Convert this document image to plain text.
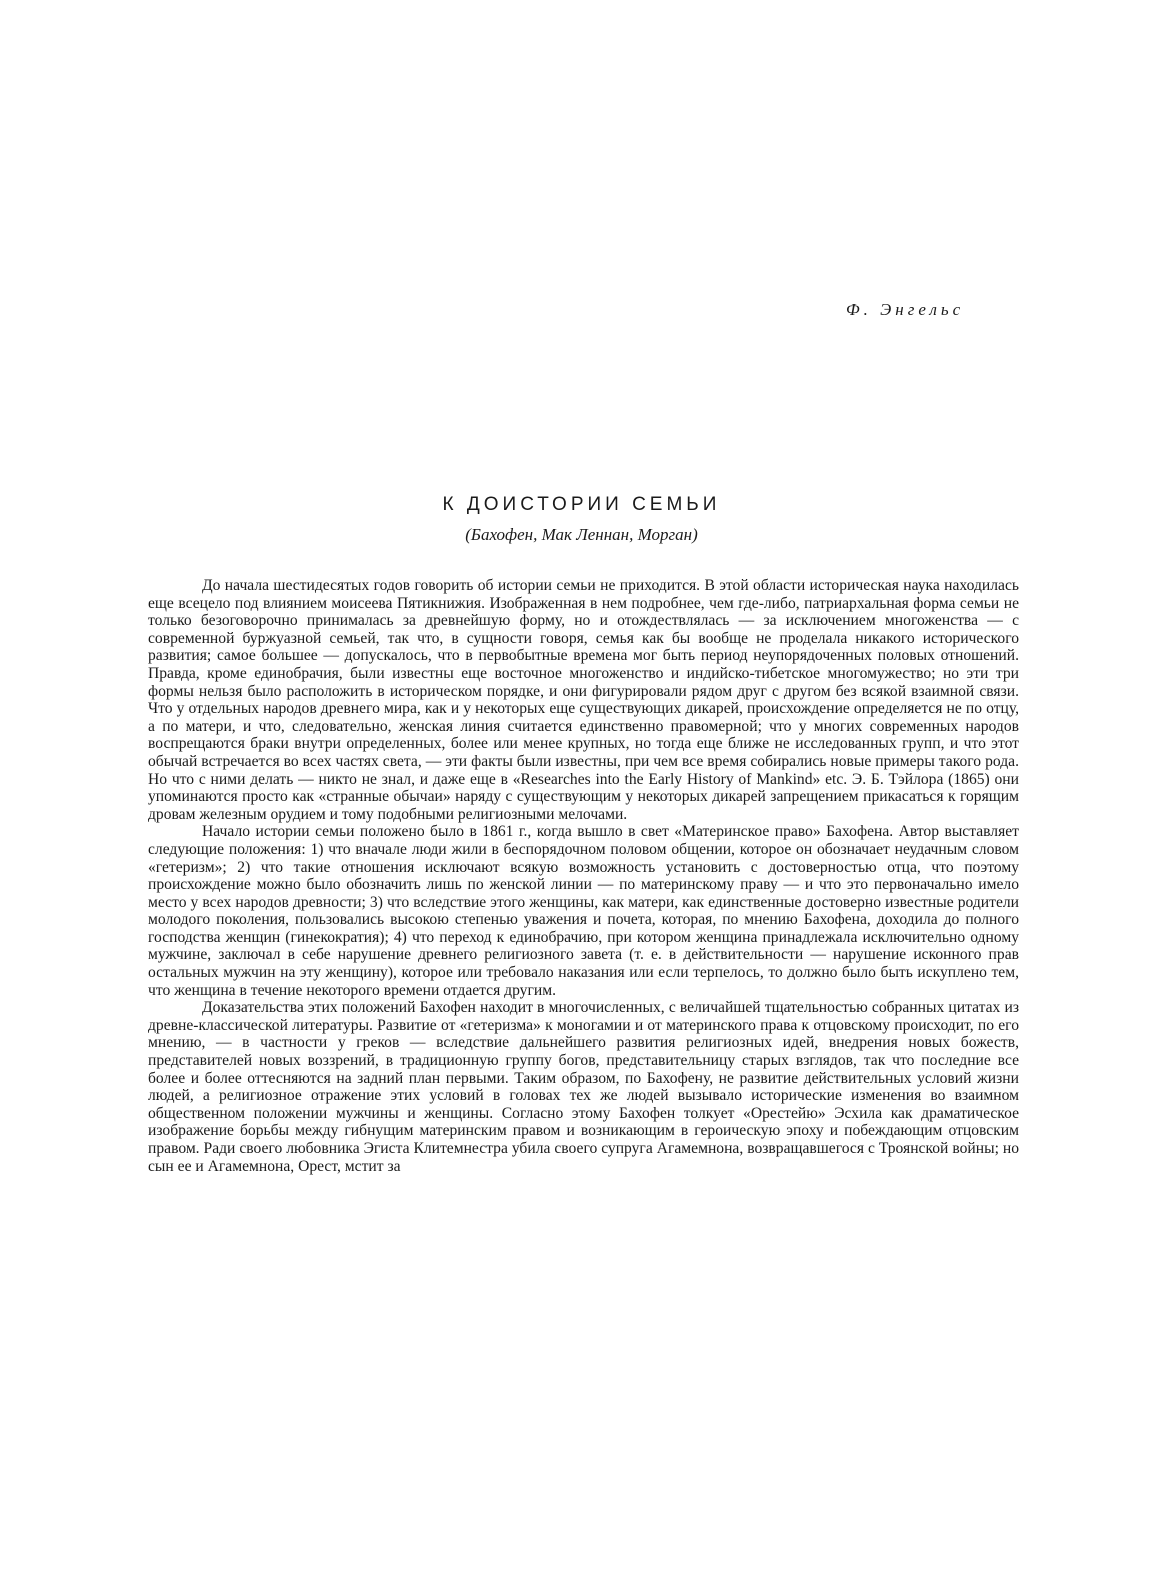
Ф. Энгельс
К ДОИСТОРИИ СЕМЬИ
(Бахофен, Мак Леннан, Морган)

До начала шестидесятых годов говорить об истории семьи не приходится. В этой области историческая наука находилась еще всецело под влиянием моисеева Пятикнижия. Изображенная в нем подробнее, чем где-либо, патриархальная форма семьи не только безоговорочно принималась за древнейшую форму, но и отождествлялась — за исключением многоженства — с современной буржуазной семьей, так что, в сущности говоря, семья как бы вообще не проделала никакого исторического развития; самое большее — допускалось, что в первобытные времена мог быть период неупорядоченных половых отношений. Правда, кроме единобрачия, были известны еще восточное многоженство и индийско-тибетское многомужество; но эти три формы нельзя было расположить в историческом порядке, и они фигурировали рядом друг с другом без всякой взаимной связи. Что у отдельных народов древнего мира, как и у некоторых еще существующих дикарей, происхождение определяется не по отцу, а по матери, и что, следовательно, женская линия считается единственно правомерной; что у многих современных народов воспрещаются браки внутри определенных, более или менее крупных, но тогда еще ближе не исследованных групп, и что этот обычай встречается во всех частях света, — эти факты были известны, при чем все время собирались новые примеры такого рода. Но что с ними делать — никто не знал, и даже еще в «Researches into the Early History of Mankind» etc. Э. Б. Тэйлора (1865) они упоминаются просто как «странные обычаи» наряду с существующим у некоторых дикарей запрещением прикасаться к горящим дровам железным орудием и тому подобными религиозными мелочами.

Начало истории семьи положено было в 1861 г., когда вышло в свет «Материнское право» Бахофена. Автор выставляет следующие положения: 1) что вначале люди жили в беспорядочном половом общении, которое он обозначает неудачным словом «гетеризм»; 2) что такие отношения исключают всякую возможность установить с достоверностью отца, что поэтому происхождение можно было обозначить лишь по женской линии — по материнскому праву — и что это первоначально имело место у всех народов древности; 3) что вследствие этого женщины, как матери, как единственные достоверно известные родители молодого поколения, пользовались высокою степенью уважения и почета, которая, по мнению Бахофена, доходила до полного господства женщин (гинекократия); 4) что переход к единобрачию, при котором женщина принадлежала исключительно одному мужчине, заключал в себе нарушение древнего религиозного завета (т. е. в действительности — нарушение исконного прав остальных мужчин на эту женщину), которое или требовало наказания или если терпелось, то должно было быть искуплено тем, что женщина в течение некоторого времени отдается другим.

Доказательства этих положений Бахофен находит в многочисленных, с величайшей тщательностью собранных цитатах из древне-классической литературы. Развитие от «гетеризма» к моногамии и от материнского права к отцовскому происходит, по его мнению, — в частности у греков — вследствие дальнейшего развития религиозных идей, внедрения новых божеств, представителей новых воззрений, в традиционную группу богов, представительницу старых взглядов, так что последние все более и более оттесняются на задний план первыми. Таким образом, по Бахофену, не развитие действительных условий жизни людей, а религиозное отражение этих условий в головах тех же людей вызывало исторические изменения во взаимном общественном положении мужчины и женщины. Согласно этому Бахофен толкует «Орестейю» Эсхила как драматическое изображение борьбы между гибнущим материнским правом и возникающим в героическую эпоху и побеждающим отцовским правом. Ради своего любовника Эгиста Клитемнестра убила своего супруга Агамемнона, возвращавшегося с Троянской войны; но сын ее и Агамемнона, Орест, мстит за
